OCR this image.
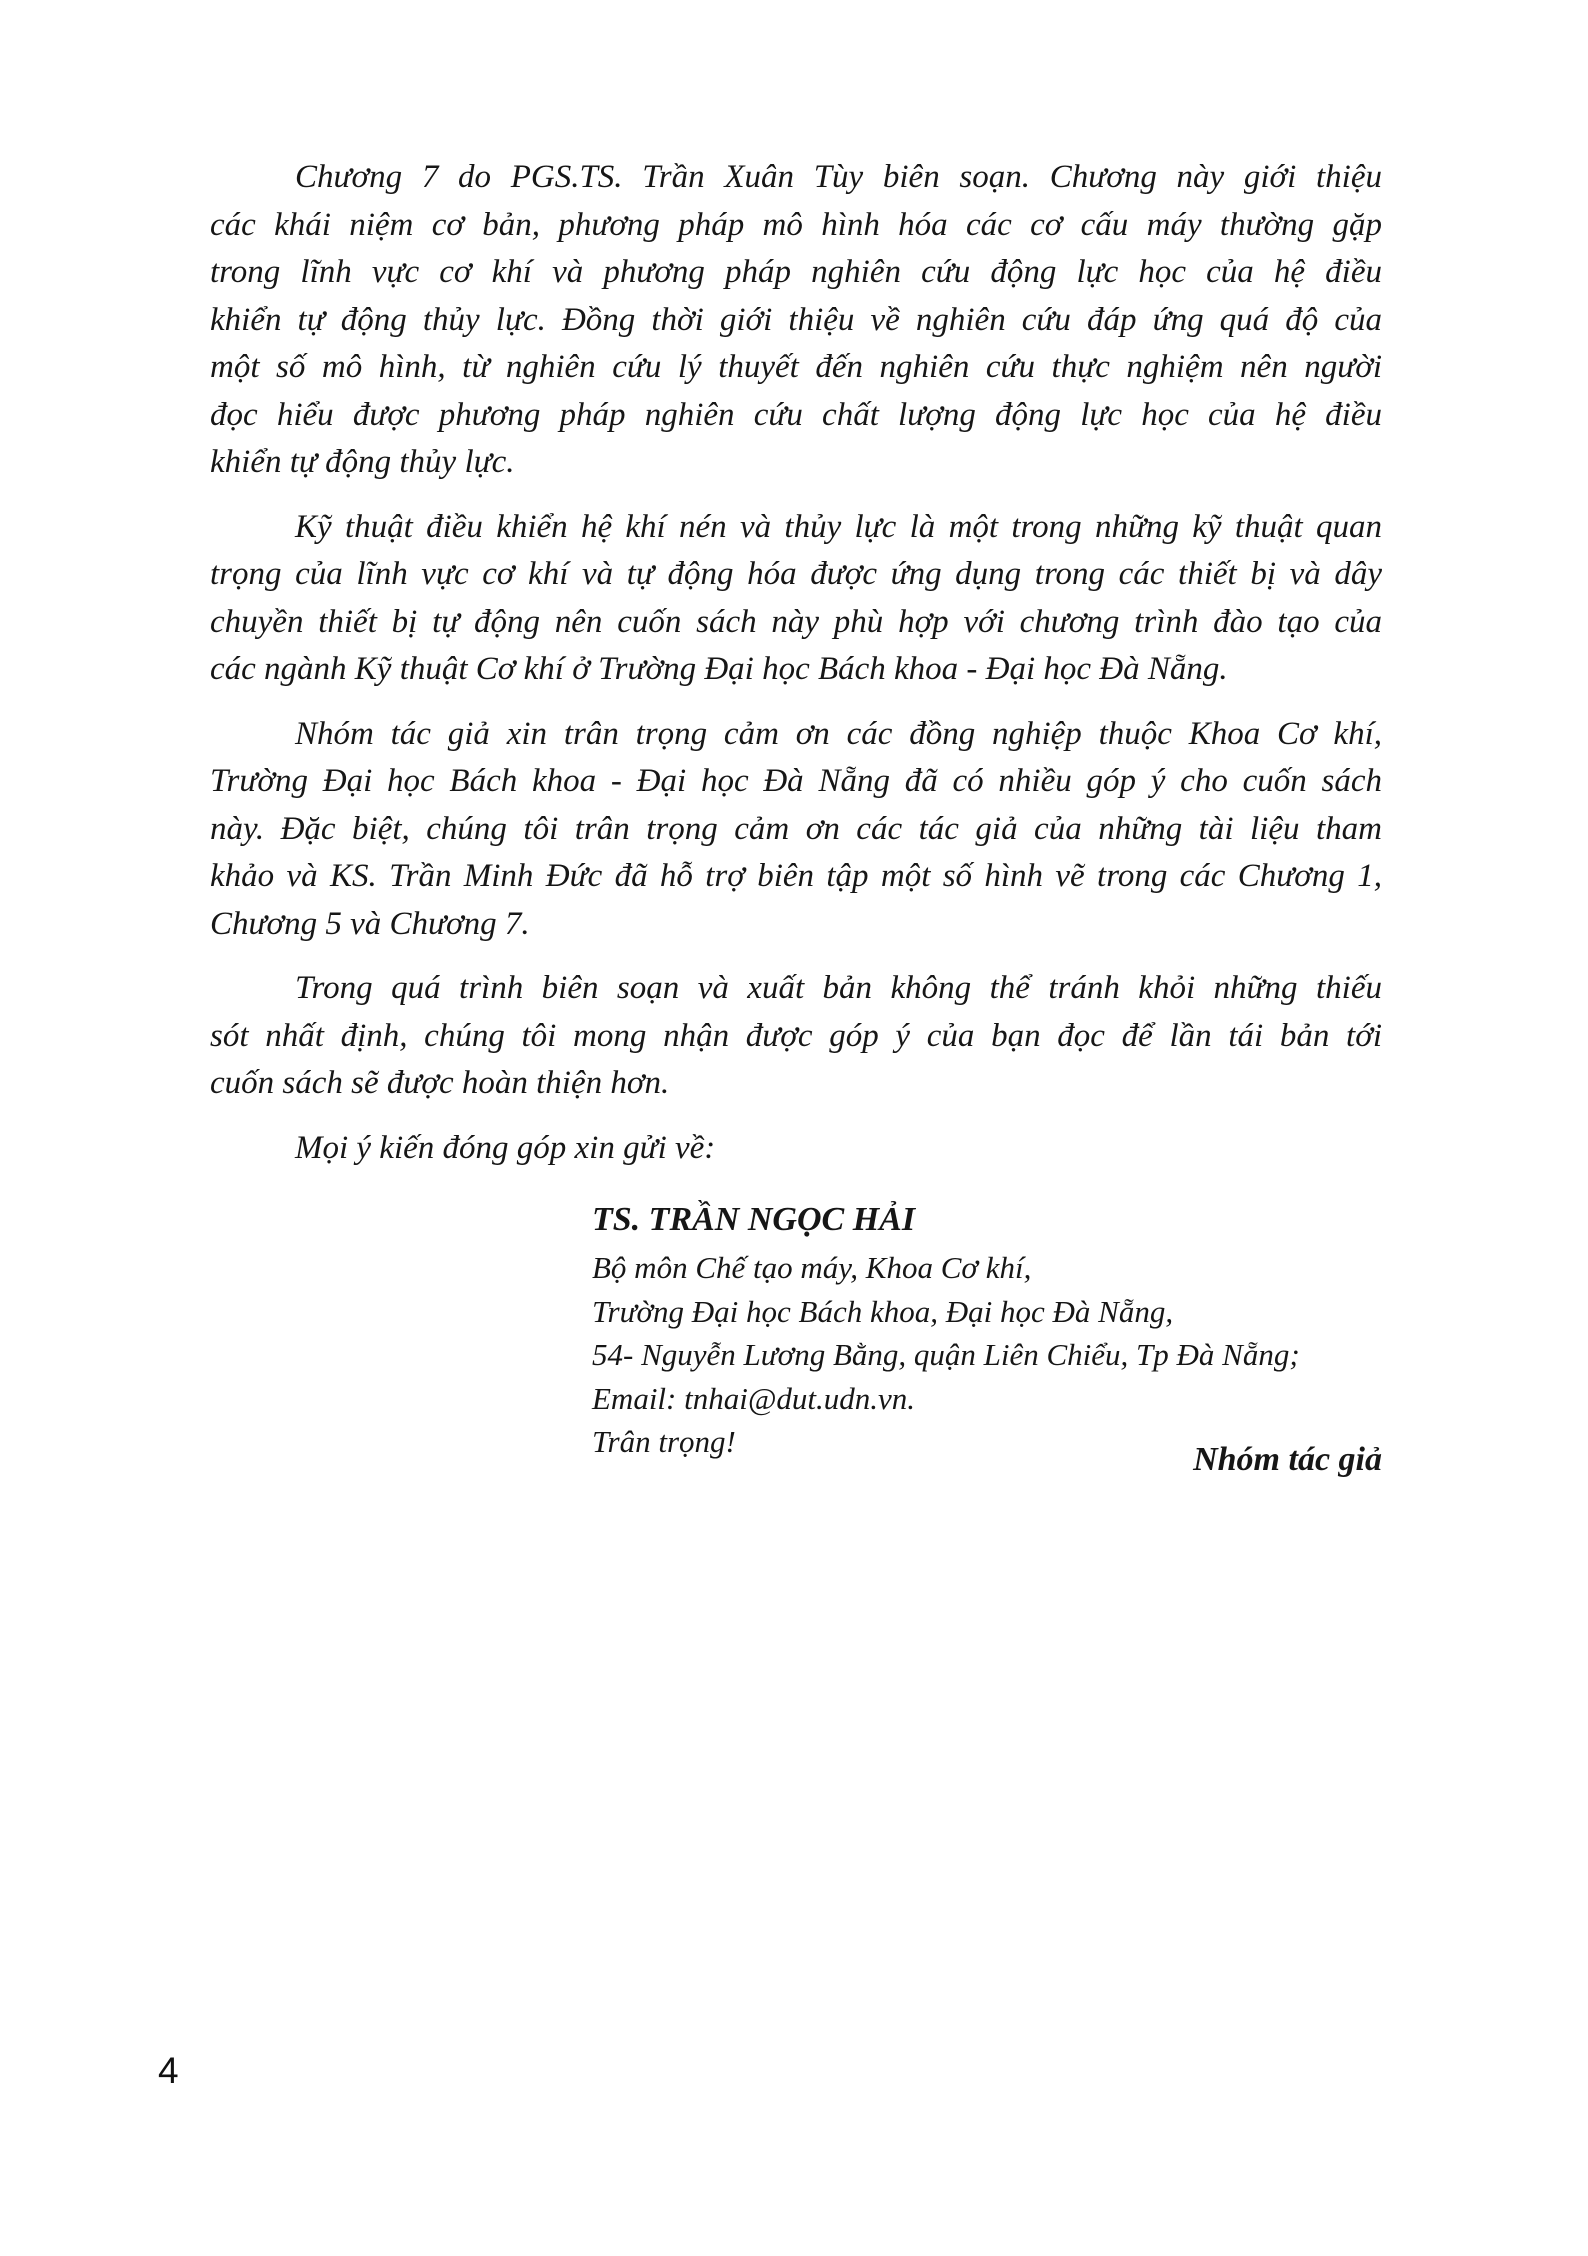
Chương 7 do PGS.TS. Trần Xuân Tùy biên soạn. Chương này giới thiệu
các khái niệm cơ bản, phương pháp mô hình hóa các cơ cấu máy thường gặp
trong lĩnh vực cơ khí và phương pháp nghiên cứu động lực học của hệ điều
khiển tự động thủy lực. Đồng thời giới thiệu về nghiên cứu đáp ứng quá độ của
một số mô hình, từ nghiên cứu lý thuyết đến nghiên cứu thực nghiệm nên người
đọc hiểu được phương pháp nghiên cứu chất lượng động lực học của hệ điều
khiển tự động thủy lực.
Kỹ thuật điều khiển hệ khí nén và thủy lực là một trong những kỹ thuật quan
trọng của lĩnh vực cơ khí và tự động hóa được ứng dụng trong các thiết bị và dây
chuyền thiết bị tự động nên cuốn sách này phù hợp với chương trình đào tạo của
các ngành Kỹ thuật Cơ khí ở Trường Đại học Bách khoa - Đại học Đà Nẵng.
Nhóm tác giả xin trân trọng cảm ơn các đồng nghiệp thuộc Khoa Cơ khí,
Trường Đại học Bách khoa - Đại học Đà Nẵng đã có nhiều góp ý cho cuốn sách
này. Đặc biệt, chúng tôi trân trọng cảm ơn các tác giả của những tài liệu tham
khảo và KS. Trần Minh Đức đã hỗ trợ biên tập một số hình vẽ trong các Chương 1,
Chương 5 và Chương 7.
Trong quá trình biên soạn và xuất bản không thể tránh khỏi những thiếu
sót nhất định, chúng tôi mong nhận được góp ý của bạn đọc để lần tái bản tới
cuốn sách sẽ được hoàn thiện hơn.
Mọi ý kiến đóng góp xin gửi về:
TS. TRẦN NGỌC HẢI
Bộ môn Chế tạo máy, Khoa Cơ khí,
Trường Đại học Bách khoa, Đại học Đà Nẵng,
54- Nguyễn Lương Bằng, quận Liên Chiểu, Tp Đà Nẵng;
Email: tnhai@dut.udn.vn.
Trân trọng!	Nhóm tác giả
4
